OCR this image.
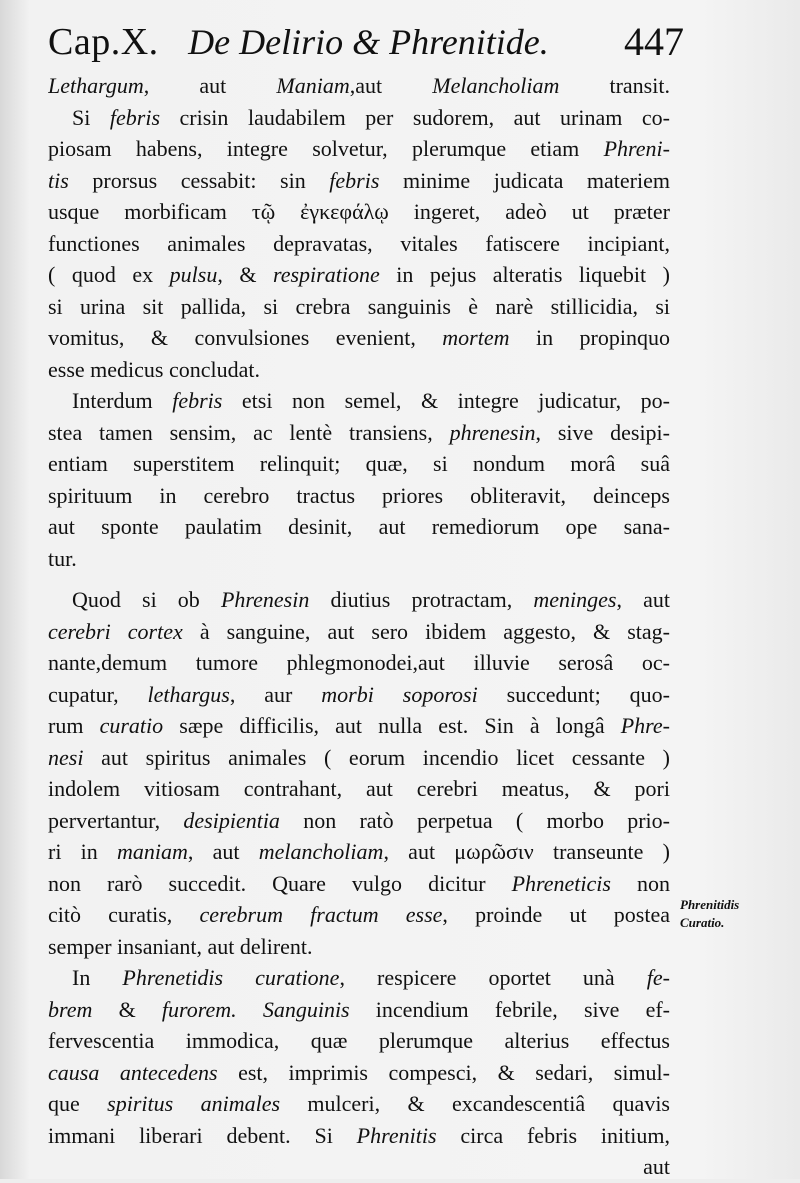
Cap.X. De Delirio & Phrenitide. 447
Lethargum, aut Maniam,aut Melancholiam transit.
Si febris crisin laudabilem per sudorem, aut urinam co-
piosam habens, integre solvetur, plerumque etiam Phreni-
tis prorsus cessabit: sin febris minime judicata materiem
usque morbificam τῷ ἐγκεφάλῳ ingeret, adeò ut præter
functiones animales depravatas, vitales fatiscere incipiant,
( quod ex pulsu, & respiratione in pejus alteratis liquebit )
si urina sit pallida, si crebra sanguinis è narè stillicidia, si
vomitus, & convulsiones evenient, mortem in propinquo
esse medicus concludat.
Interdum febris etsi non semel, & integre judicatur, po-
stea tamen sensim, ac lentè transiens, phrenesin, sive desipi-
entiam superstitem relinquit; quæ, si nondum morâ suâ
spirituum in cerebro tractus priores obliteravit, deinceps
aut sponte paulatim desinit, aut remediorum ope sana-
tur.
Quod si ob Phrenesin diutius protractam, meninges, aut
cerebri cortex à sanguine, aut sero ibidem aggesto, & stag-
nante,demum tumore phlegmonodei,aut illuvie serosâ oc-
cupatur, lethargus, aur morbi soporosi succedunt; quo-
rum curatio sæpe difficilis, aut nulla est. Sin à longâ Phre-
nesi aut spiritus animales ( eorum incendio licet cessante )
indolem vitiosam contrahant, aut cerebri meatus, & pori
pervertantur, desipientia non ratò perpetua ( morbo prio-
ri in maniam, aut melancholiam, aut μωρῶσιν transeunte )
non rarò succedit. Quare vulgo dicitur Phreneticis non
citò curatis, cerebrum fractum esse, proinde ut postea
semper insaniant, aut delirent.
In Phrenetidis curatione, respicere oportet unà fe-
brem & furorem. Sanguinis incendium febrile, sive ef-
fervescentia immodica, quæ plerumque alterius effectus
causa antecedens est, imprimis compesci, & sedari, simul-
que spiritus animales mulceri, & excandescentiâ quavis
immani liberari debent. Si Phrenitis circa febris initium,
aut
Phrenitidis
Curatio.
